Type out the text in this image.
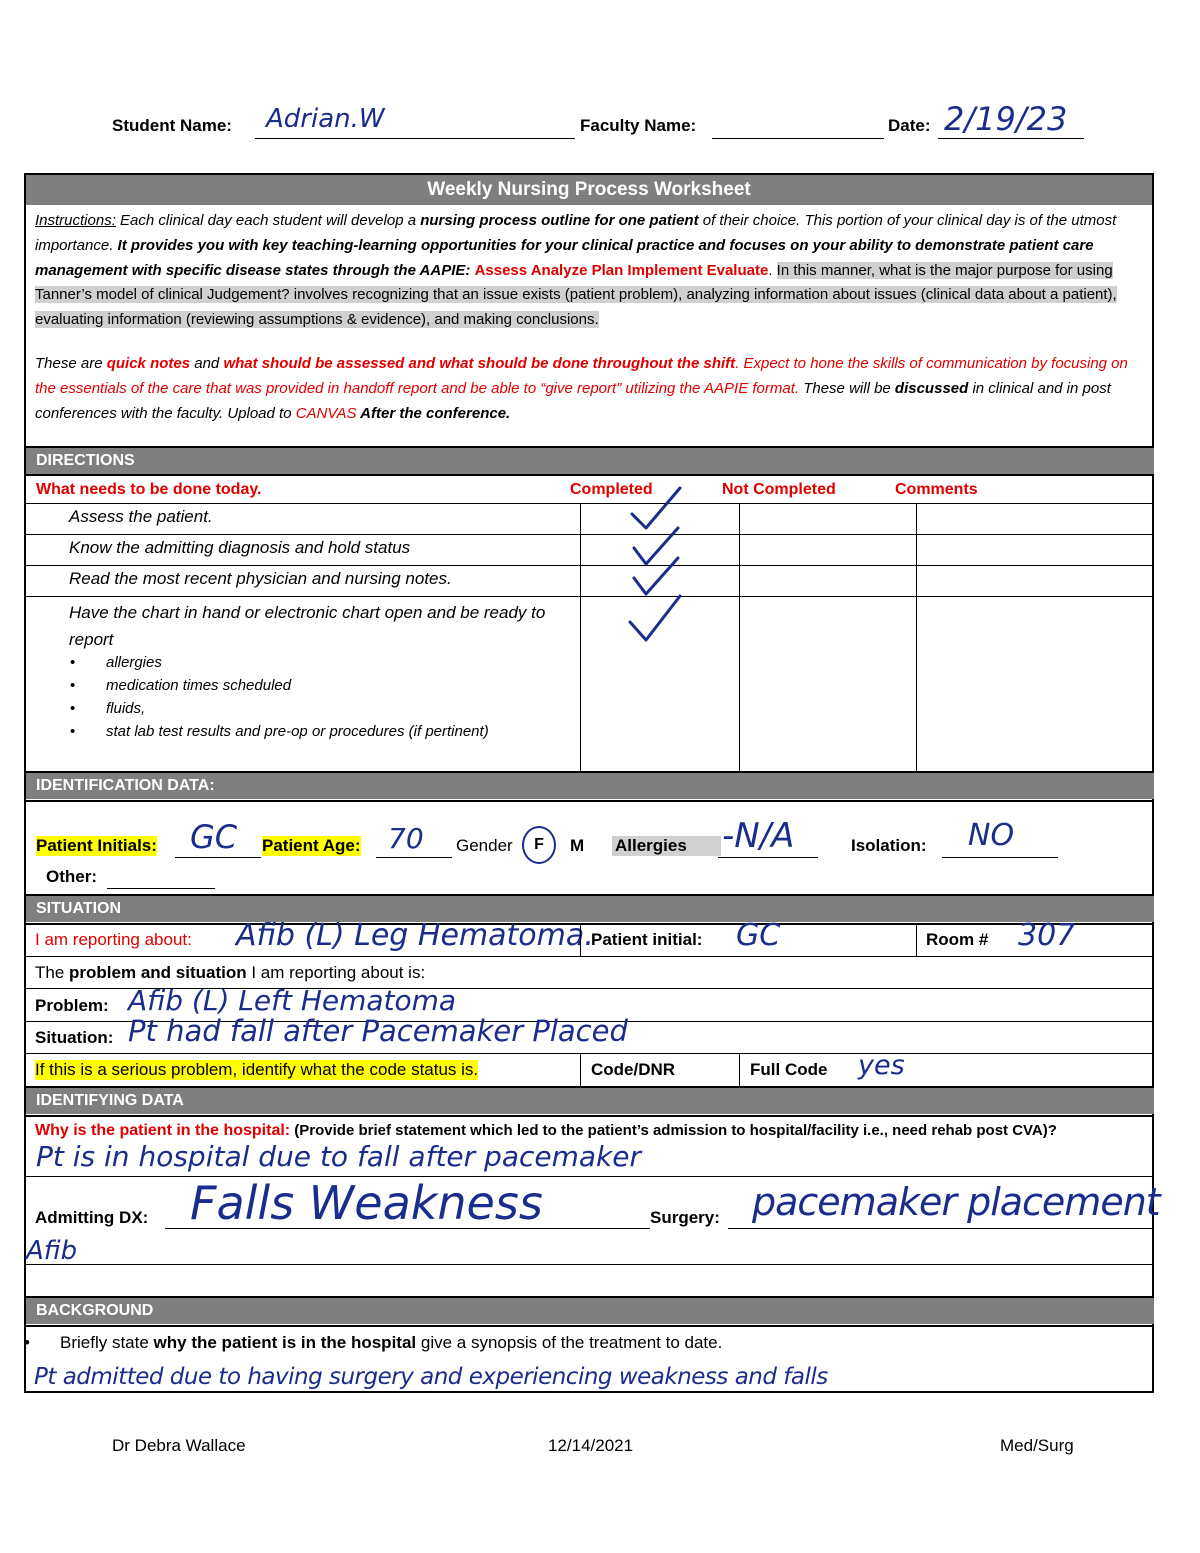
Student Name: Adrian.W	Faculty Name:	Date: 2/19/23
Weekly Nursing Process Worksheet
Instructions: Each clinical day each student will develop a nursing process outline for one patient of their choice. This portion of your clinical day is of the utmost importance. It provides you with key teaching-learning opportunities for your clinical practice and focuses on your ability to demonstrate patient care management with specific disease states through the AAPIE: Assess Analyze Plan Implement Evaluate. In this manner, what is the major purpose for using Tanner’s model of clinical Judgement? involves recognizing that an issue exists (patient problem), analyzing information about issues (clinical data about a patient), evaluating information (reviewing assumptions & evidence), and making conclusions.
These are quick notes and what should be assessed and what should be done throughout the shift. Expect to hone the skills of communication by focusing on the essentials of the care that was provided in handoff report and be able to “give report” utilizing the AAPIE format. These will be discussed in clinical and in post conferences with the faculty. Upload to CANVAS After the conference.
DIRECTIONS
What needs to be done today.	Completed	Not Completed	Comments
Assess the patient.
Know the admitting diagnosis and hold status
Read the most recent physician and nursing notes.
Have the chart in hand or electronic chart open and be ready to report
• allergies
• medication times scheduled
• fluids,
• stat lab test results and pre-op or procedures (if pertinent)
IDENTIFICATION DATA:
Patient Initials: GC Patient Age: 70 Gender	F	M Allergies	-N/A	Isolation: NO
Other:
SITUATION
I am reporting about: Afib (L) Leg Hematoma.
Patient initial: GC	Room # 307
The problem and situation I am reporting about is:
Problem: Afib (L) Left Hematoma
Situation: Pt had fall after Pacemaker Placed
If this is a serious problem, identify what the code status is.	Code/DNR	Full Code yes
IDENTIFYING DATA
Why is the patient in the hospital: (Provide brief statement which led to the patient’s admission to hospital/facility i.e., need rehab post CVA)?
Pt is in hospital due to fall after pacemaker
Admitting DX: Falls Weakness	Surgery: pacemaker placement
Afib
BACKGROUND
• Briefly state why the patient is in the hospital give a synopsis of the treatment to date.
Pt admitted due to having surgery and experiencing weakness and falls
Dr Debra Wallace	12/14/2021	Med/Surg
